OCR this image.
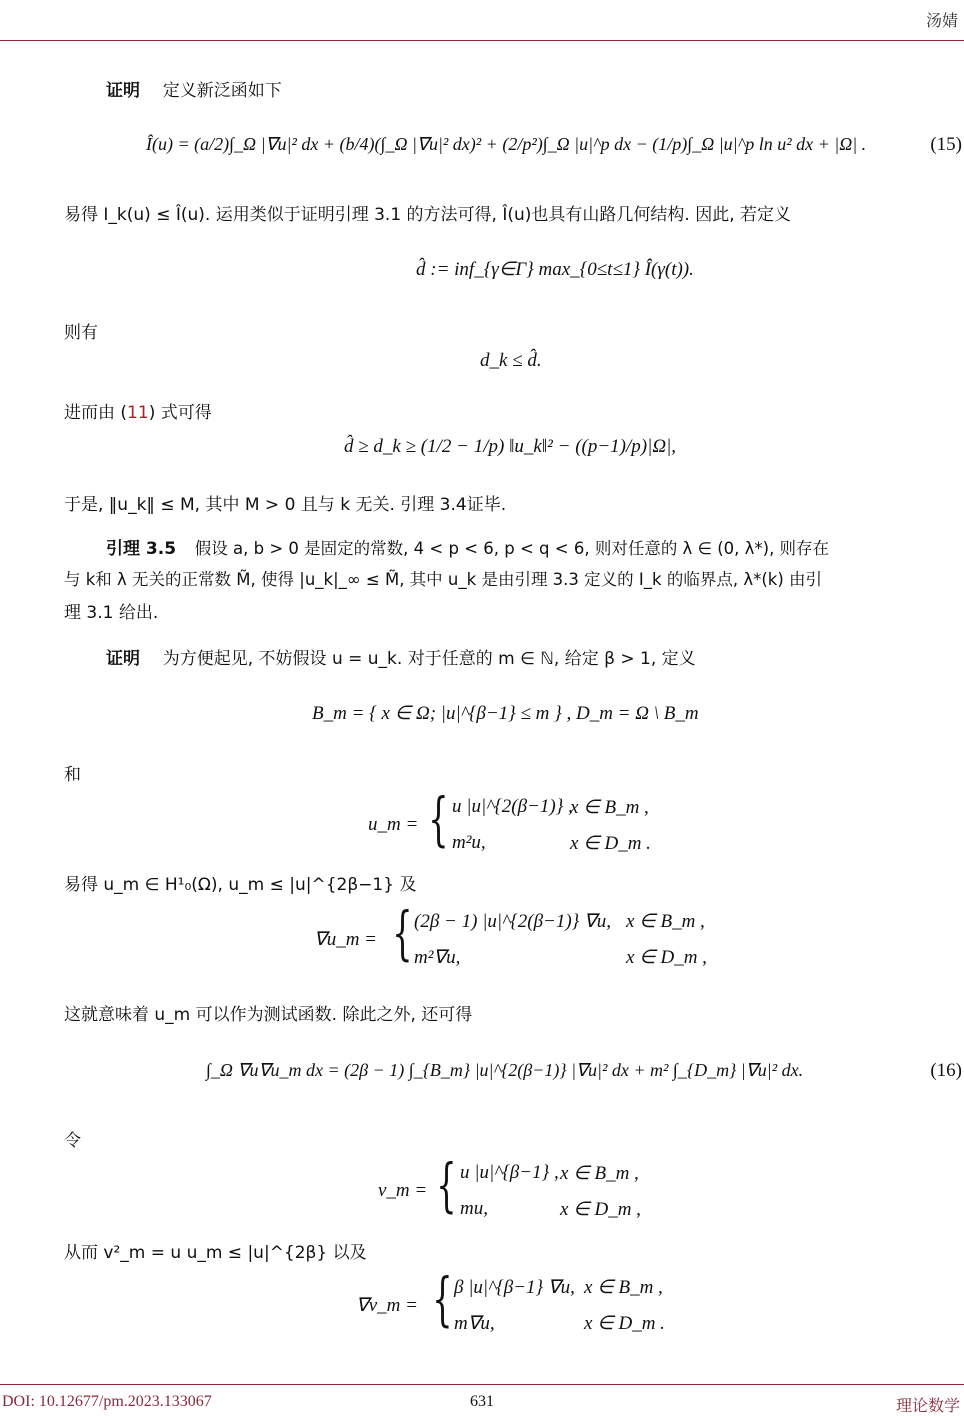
汤婧
证明 定义新泛函如下
Î(u) = (a/2)∫_Ω |∇u|² dx + (b/4)(∫_Ω |∇u|² dx)² + (2/p²)∫_Ω |u|^p dx − (1/p)∫_Ω |u|^p ln u² dx + |Ω| .	(15)
易得 I_k(u) ≤ Î(u). 运用类似于证明引理 3.1 的方法可得, Î(u)也具有山路几何结构. 因此, 若定义
d̂ := inf_{γ∈Γ} max_{0≤t≤1} Î(γ(t)).
则有
d_k ≤ d̂.
进而由 (11) 式可得
d̂ ≥ d_k ≥ (1/2 − 1/p) ‖u_k‖² − ((p−1)/p)|Ω|,
于是, ‖u_k‖ ≤ M, 其中 M > 0 且与 k 无关. 引理 3.4证毕.
引理 3.5 假设 a, b > 0 是固定的常数, 4 < p < 6, p < q < 6, 则对任意的 λ ∈ (0, λ*), 则存在
与 k和 λ 无关的正常数 M̃, 使得 |u_k|_∞ ≤ M̃, 其中 u_k 是由引理 3.3 定义的 I_k 的临界点, λ*(k) 由引
理 3.1 给出.
证明 为方便起见, 不妨假设 u = u_k. 对于任意的 m ∈ ℕ, 给定 β > 1, 定义
B_m = { x ∈ Ω; |u|^{β−1} ≤ m } , D_m = Ω \ B_m
和
u_m = { u |u|^{2(β−1)} ,
x ∈ B_m ,
m²u,	x ∈ D_m .
易得 u_m ∈ H¹₀(Ω), u_m ≤ |u|^{2β−1} 及
∇u_m = { (2β − 1) |u|^{2(β−1)} ∇u, x ∈ B_m ,
m²∇u,	x ∈ D_m ,
这就意味着 u_m 可以作为测试函数. 除此之外, 还可得
∫_Ω ∇u∇u_m dx = (2β − 1) ∫_{B_m} |u|^{2(β−1)} |∇u|² dx + m² ∫_{D_m} |∇u|² dx.	(16)
令
v_m = { u |u|^{β−1} , x ∈ B_m ,
mu,	x ∈ D_m ,
从而 v²_m = u u_m ≤ |u|^{2β} 以及
∇v_m = { β |u|^{β−1} ∇u, x ∈ B_m ,
m∇u,	x ∈ D_m .
DOI: 10.12677/pm.2023.133067	631	理论数学
